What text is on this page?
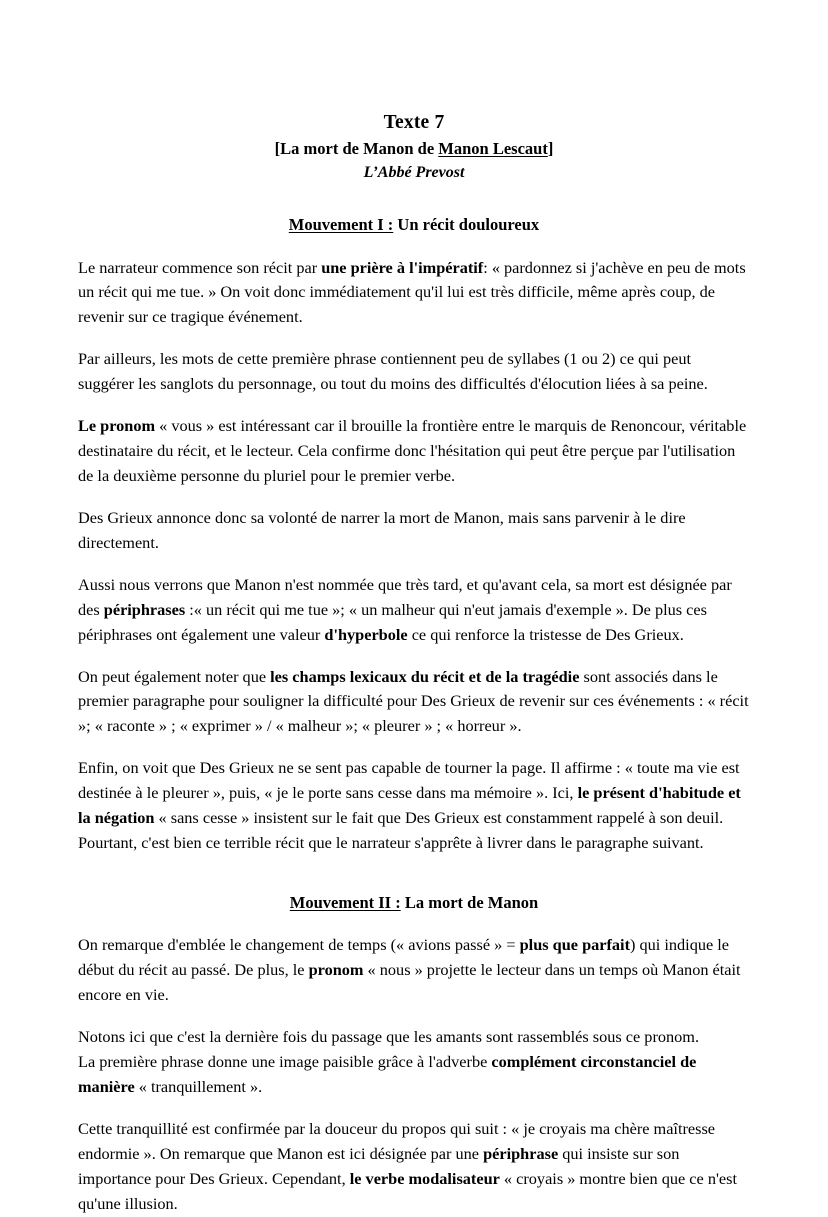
Texte 7
[La mort de Manon de Manon Lescaut]
L’Abbé Prevost
Mouvement I : Un récit douloureux

Le narrateur commence son récit par une prière à l'impératif: « pardonnez si j'achève en peu de mots un récit qui me tue. » On voit donc immédiatement qu'il lui est très difficile, même après coup, de revenir sur ce tragique événement.

Par ailleurs, les mots de cette première phrase contiennent peu de syllabes (1 ou 2) ce qui peut suggérer les sanglots du personnage, ou tout du moins des difficultés d'élocution liées à sa peine.

Le pronom « vous » est intéressant car il brouille la frontière entre le marquis de Renoncour, véritable destinataire du récit, et le lecteur. Cela confirme donc l'hésitation qui peut être perçue par l'utilisation de la deuxième personne du pluriel pour le premier verbe.

Des Grieux annonce donc sa volonté de narrer la mort de Manon, mais sans parvenir à le dire directement.

Aussi nous verrons que Manon n'est nommée que très tard, et qu'avant cela, sa mort est désignée par des périphrases :« un récit qui me tue »; « un malheur qui n'eut jamais d'exemple ». De plus ces périphrases ont également une valeur d'hyperbole ce qui renforce la tristesse de Des Grieux.

On peut également noter que les champs lexicaux du récit et de la tragédie sont associés dans le premier paragraphe pour souligner la difficulté pour Des Grieux de revenir sur ces événements : « récit »; « raconte » ; « exprimer » / « malheur »; « pleurer » ; « horreur ».

Enfin, on voit que Des Grieux ne se sent pas capable de tourner la page. Il affirme : « toute ma vie est destinée à le pleurer », puis, « je le porte sans cesse dans ma mémoire ». Ici, le présent d'habitude et la négation « sans cesse » insistent sur le fait que Des Grieux est constamment rappelé à son deuil.
Pourtant, c'est bien ce terrible récit que le narrateur s'apprête à livrer dans le paragraphe suivant.

Mouvement II : La mort de Manon

On remarque d'emblée le changement de temps (« avions passé » = plus que parfait) qui indique le début du récit au passé. De plus, le pronom « nous » projette le lecteur dans un temps où Manon était encore en vie.

Notons ici que c'est la dernière fois du passage que les amants sont rassemblés sous ce pronom.
La première phrase donne une image paisible grâce à l'adverbe complément circonstanciel de manière « tranquillement ».

Cette tranquillité est confirmée par la douceur du propos qui suit : « je croyais ma chère maîtresse endormie ». On remarque que Manon est ici désignée par une périphrase qui insiste sur son importance pour Des Grieux. Cependant, le verbe modalisateur « croyais » montre bien que ce n'est qu'une illusion.
